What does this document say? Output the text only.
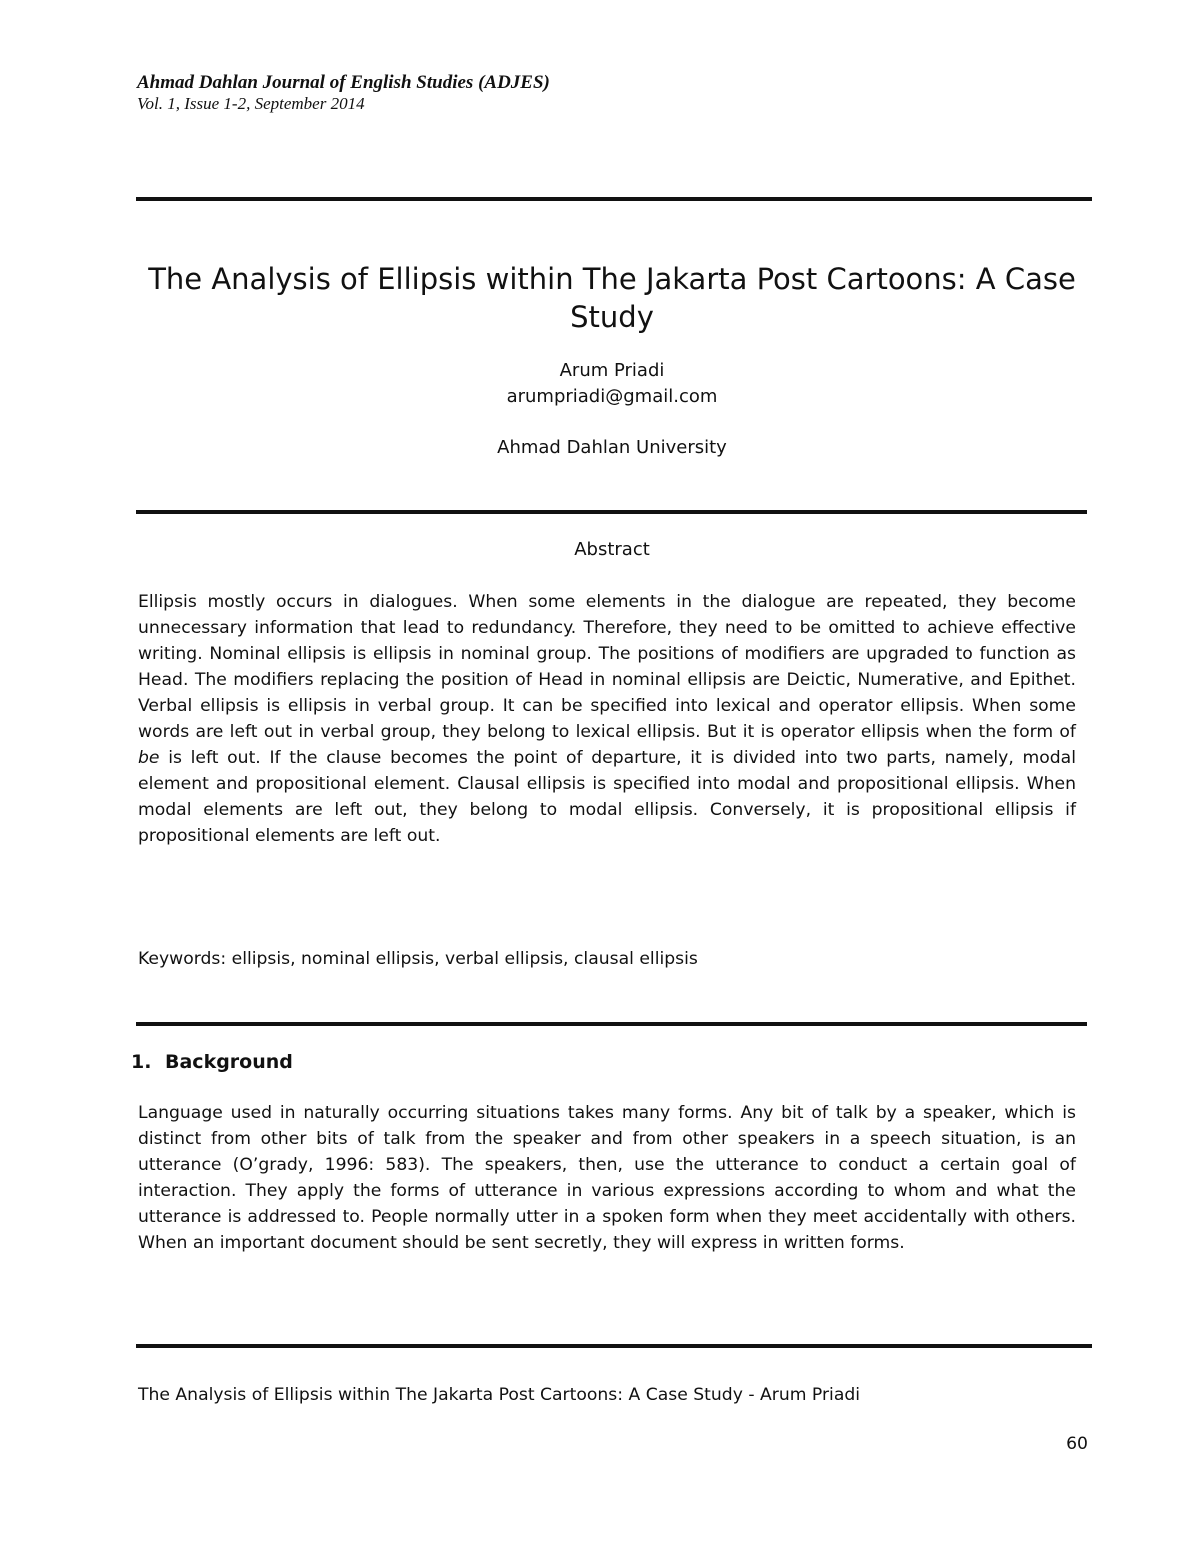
Ahmad Dahlan Journal of English Studies (ADJES)
Vol. 1, Issue 1-2, September 2014
The Analysis of Ellipsis within The Jakarta Post Cartoons: A Case Study
Arum Priadi
arumpriadi@gmail.com
Ahmad Dahlan University
Abstract

Ellipsis mostly occurs in dialogues. When some elements in the dialogue are repeated, they become unnecessary information that lead to redundancy. Therefore, they need to be omitted to achieve effective writing. Nominal ellipsis is ellipsis in nominal group. The positions of modifiers are upgraded to function as Head. The modifiers replacing the position of Head in nominal ellipsis are Deictic, Numerative, and Epithet. Verbal ellipsis is ellipsis in verbal group. It can be specified into lexical and operator ellipsis. When some words are left out in verbal group, they belong to lexical ellipsis. But it is operator ellipsis when the form of be is left out. If the clause becomes the point of departure, it is divided into two parts, namely, modal element and propositional element. Clausal ellipsis is specified into modal and propositional ellipsis. When modal elements are left out, they belong to modal ellipsis. Conversely, it is propositional ellipsis if propositional elements are left out.

Keywords: ellipsis, nominal ellipsis, verbal ellipsis, clausal ellipsis
1. Background

Language used in naturally occurring situations takes many forms. Any bit of talk by a speaker, which is distinct from other bits of talk from the speaker and from other speakers in a speech situation, is an utterance (O’grady, 1996: 583). The speakers, then, use the utterance to conduct a certain goal of interaction. They apply the forms of utterance in various expressions according to whom and what the utterance is addressed to. People normally utter in a spoken form when they meet accidentally with others. When an important document should be sent secretly, they will express in written forms.

The Analysis of Ellipsis within The Jakarta Post Cartoons: A Case Study - Arum Priadi
60
